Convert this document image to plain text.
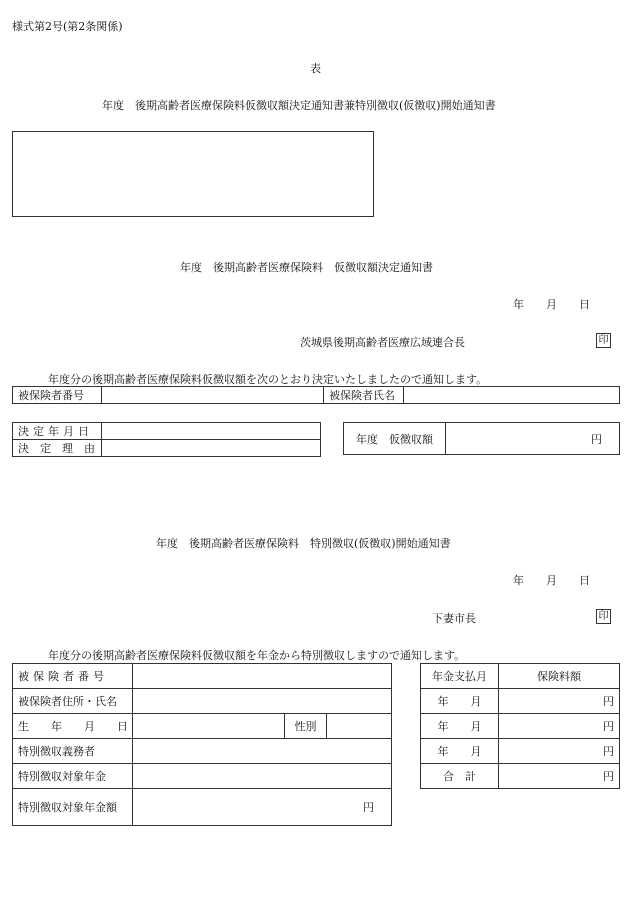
様式第2号(第2条関係)
表
年度　後期高齢者医療保険料仮徴収額決定通知書兼特別徴収(仮徴収)開始通知書
年度　後期高齢者医療保険料　仮徴収額決定通知書
年　　月　　日
茨城県後期高齢者医療広域連合長	印
年度分の後期高齢者医療保険料仮徴収額を次のとおり決定いたしましたので通知します。
被保険者番号		被保険者氏名	
決定年月日	
決　定　理　由	
年度　仮徴収額	円
年度　後期高齢者医療保険料　特別徴収(仮徴収)開始通知書
年　　月　　日
下妻市長	印
年度分の後期高齢者医療保険料仮徴収額を年金から特別徴収しますので通知します。
被保険者番号			
被保険者住所・氏名			
生　　年　　月　　日		性別	
特別徴収義務者			
特別徴収対象年金			
特別徴収対象年金額	円		
年金支払月	保険料額
年　　月	円
年　　月	円
年　　月	円
合　計	円
